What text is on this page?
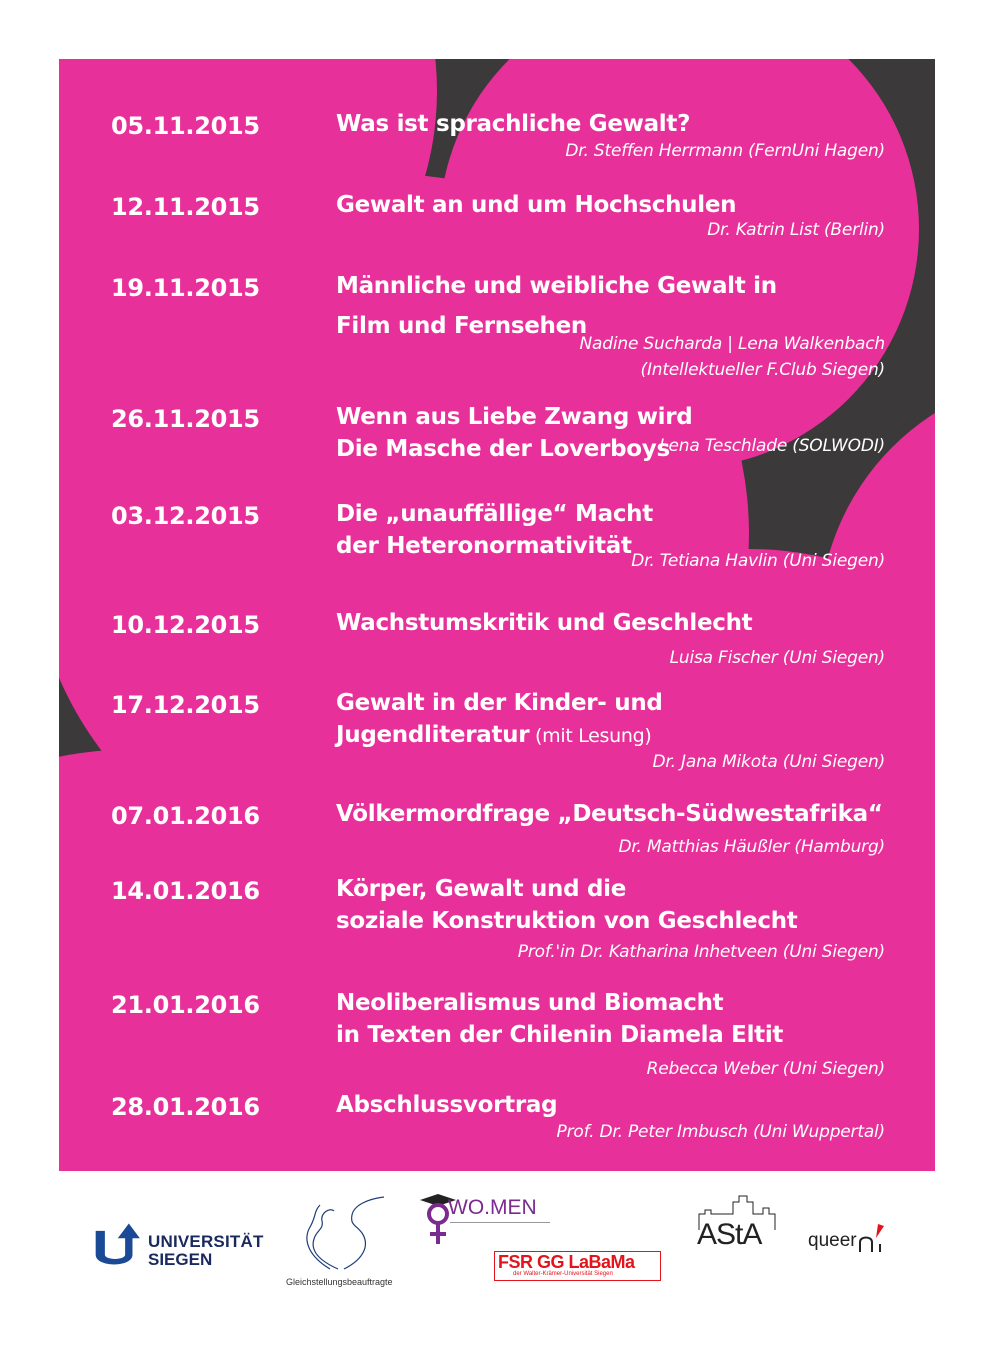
05.11.2015	Was ist sprachliche Gewalt?
Dr. Steffen Herrmann (FernUni Hagen)
12.11.2015	Gewalt an und um Hochschulen
Dr. Katrin List (Berlin)
19.11.2015	Männliche und weibliche Gewalt in
Film und Fernsehen
Nadine Sucharda | Lena Walkenbach
(Intellektueller F.Club Siegen)
26.11.2015	Wenn aus Liebe Zwang wird
Die Masche der Loverboys
Lena Teschlade (SOLWODI)
03.12.2015	Die „unauffällige“ Macht
der Heteronormativität
Dr. Tetiana Havlin (Uni Siegen)
10.12.2015	Wachstumskritik und Geschlecht
Luisa Fischer (Uni Siegen)
17.12.2015	Gewalt in der Kinder- und
Jugendliteratur (mit Lesung)
Dr. Jana Mikota (Uni Siegen)
07.01.2016	Völkermordfrage „Deutsch-Südwestafrika“
Dr. Matthias Häußler (Hamburg)
14.01.2016	Körper, Gewalt und die
soziale Konstruktion von Geschlecht
Prof.'in Dr. Katharina Inhetveen (Uni Siegen)
21.01.2016	Neoliberalismus und Biomacht
in Texten der Chilenin Diamela Eltit
Rebecca Weber (Uni Siegen)
28.01.2016	Abschlussvortrag
Prof. Dr. Peter Imbusch (Uni Wuppertal)
UNIVERSITÄT
SIEGEN
Gleichstellungsbeauftragte
WO.MEN
FSR GG LaBaMa
der Walter-Krämer-Universität Siegen
AStA queer
